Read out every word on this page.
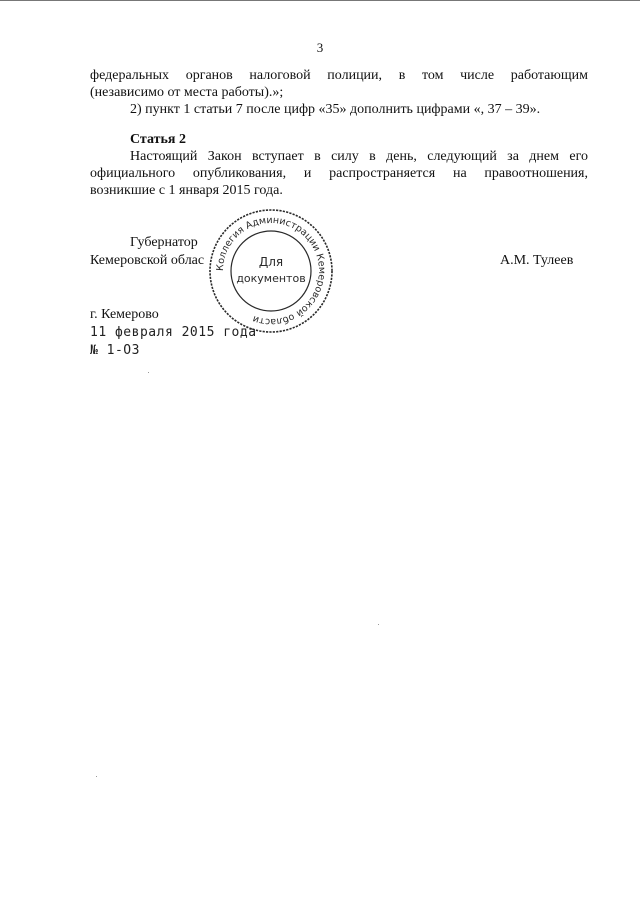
3
федеральных органов налоговой полиции, в том числе работающим
(независимо от места работы).»;
2) пункт 1 статьи 7 после цифр «35» дополнить цифрами «, 37 – 39».
Статья 2
Настоящий Закон вступает в силу в день, следующий за днем его
официального опубликования, и распространяется на правоотношения,
возникшие с 1 января 2015 года.
Губернатор
Кемеровской облас	А.М. Тулеев
Коллегия Администрации Кемеровской области
Для
документов
г. Кемерово
11 февраля 2015 года
№ 1-ОЗ
